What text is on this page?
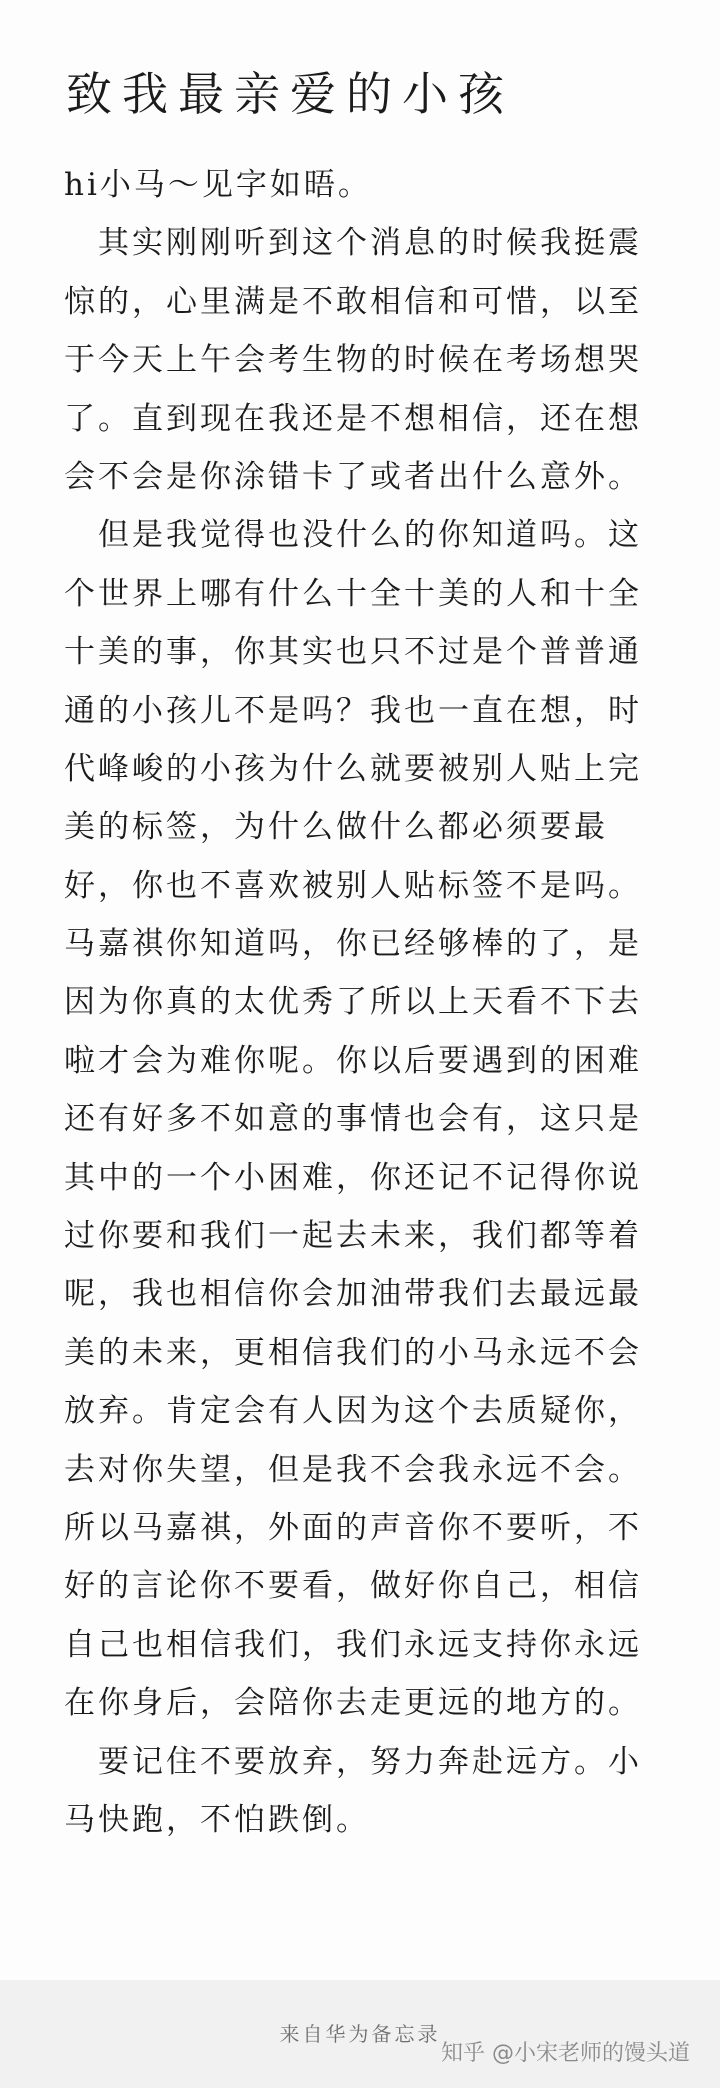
致我最亲爱的小孩
hi小马～见字如晤。
　其实刚刚听到这个消息的时候我挺震
惊的，心里满是不敢相信和可惜，以至
于今天上午会考生物的时候在考场想哭
了。直到现在我还是不想相信，还在想
会不会是你涂错卡了或者出什么意外。
　但是我觉得也没什么的你知道吗。这
个世界上哪有什么十全十美的人和十全
十美的事，你其实也只不过是个普普通
通的小孩儿不是吗？我也一直在想，时
代峰峻的小孩为什么就要被别人贴上完
美的标签，为什么做什么都必须要最
好，你也不喜欢被别人贴标签不是吗。
马嘉祺你知道吗，你已经够棒的了，是
因为你真的太优秀了所以上天看不下去
啦才会为难你呢。你以后要遇到的困难
还有好多不如意的事情也会有，这只是
其中的一个小困难，你还记不记得你说
过你要和我们一起去未来，我们都等着
呢，我也相信你会加油带我们去最远最
美的未来，更相信我们的小马永远不会
放弃。肯定会有人因为这个去质疑你，
去对你失望，但是我不会我永远不会。
所以马嘉祺，外面的声音你不要听，不
好的言论你不要看，做好你自己，相信
自己也相信我们，我们永远支持你永远
在你身后，会陪你去走更远的地方的。
　要记住不要放弃，努力奔赴远方。小
马快跑，不怕跌倒。
来自华为备忘录
知乎 @小宋老师的馒头道
